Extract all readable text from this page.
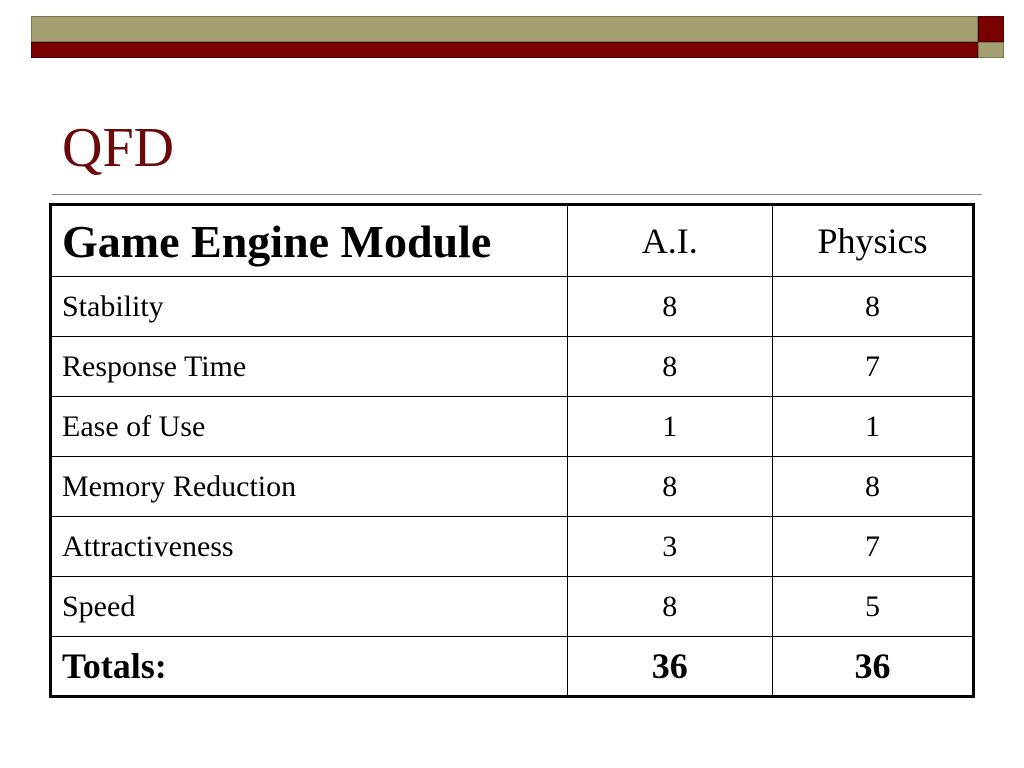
QFD
Game Engine Module	A.I.	Physics
Stability	8	8
Response Time	8	7
Ease of Use	1	1
Memory Reduction	8	8
Attractiveness	3	7
Speed	8	5
Totals:	36	36
